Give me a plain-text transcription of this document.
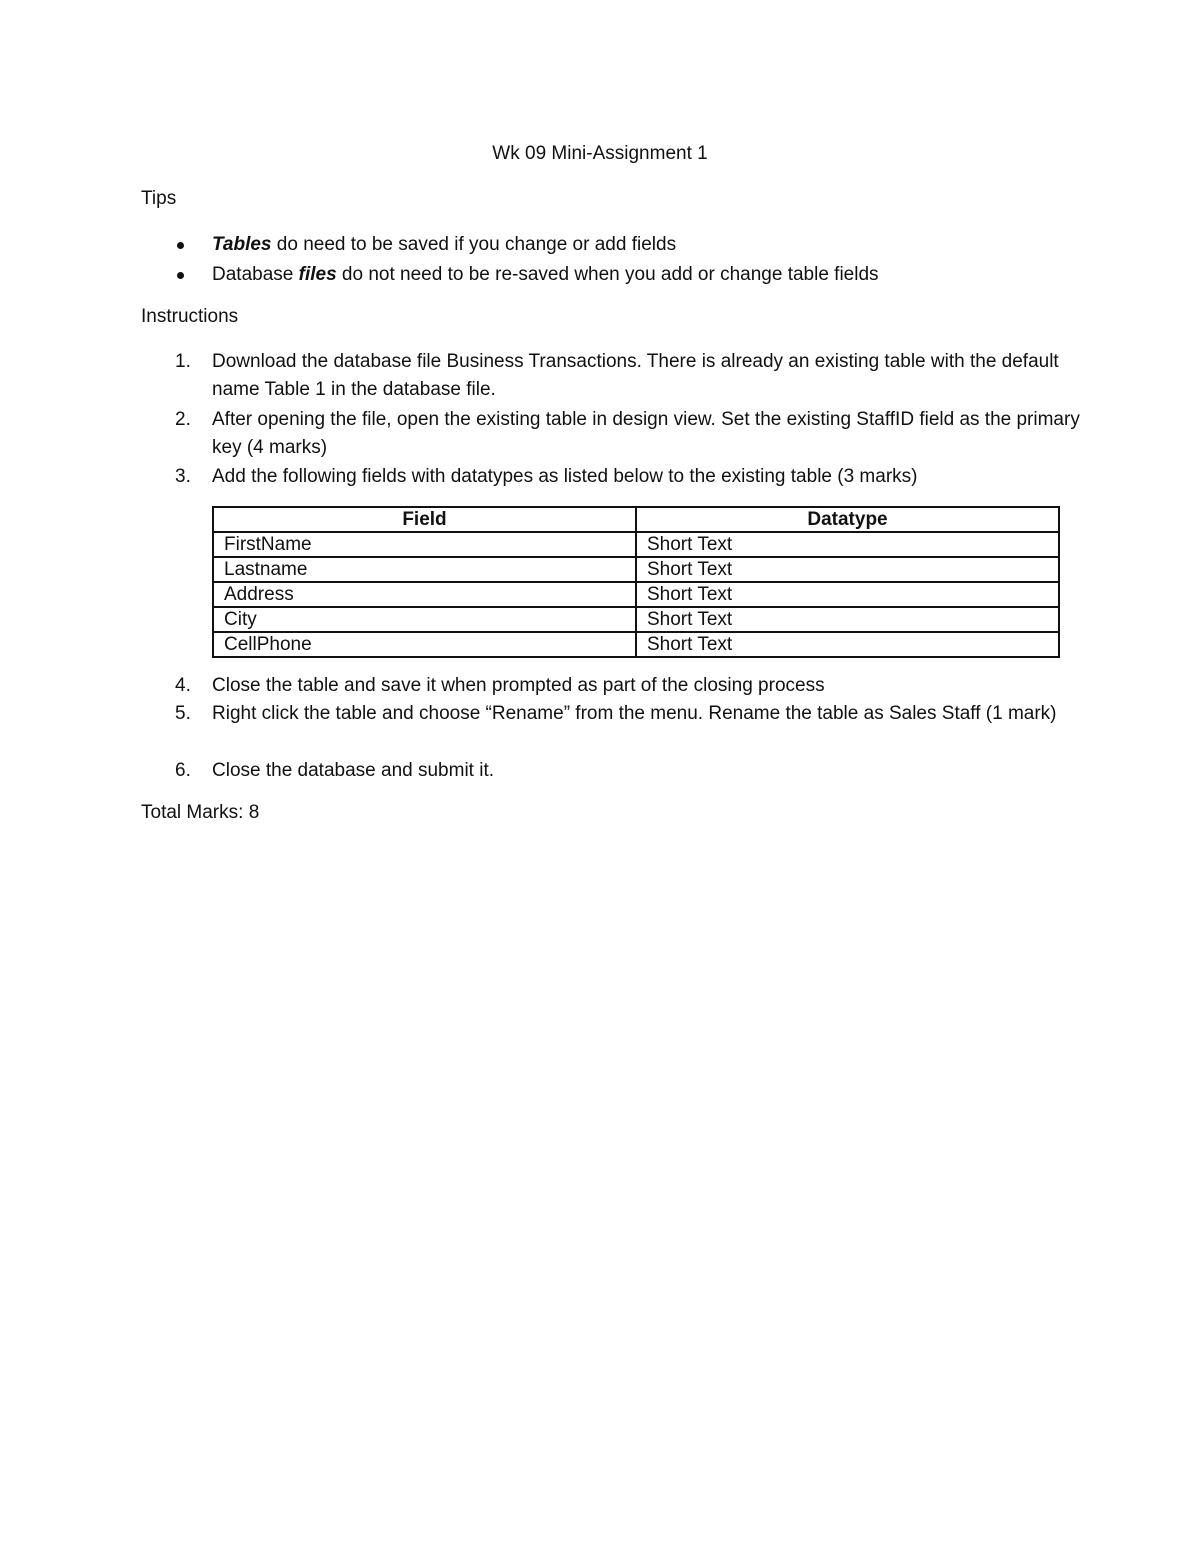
Wk 09 Mini-Assignment 1
Tips
Tables do need to be saved if you change or add fields
Database files do not need to be re-saved when you add or change table fields
Instructions
1. Download the database file Business Transactions. There is already an existing table with the default name Table 1 in the database file.
2. After opening the file, open the existing table in design view. Set the existing StaffID field as the primary key (4 marks)
3. Add the following fields with datatypes as listed below to the existing table (3 marks)
Field	Datatype
FirstName	Short Text
Lastname	Short Text
Address	Short Text
City	Short Text
CellPhone	Short Text
4. Close the table and save it when prompted as part of the closing process
5. Right click the table and choose “Rename” from the menu. Rename the table as Sales Staff (1 mark)
6. Close the database and submit it.
Total Marks: 8
